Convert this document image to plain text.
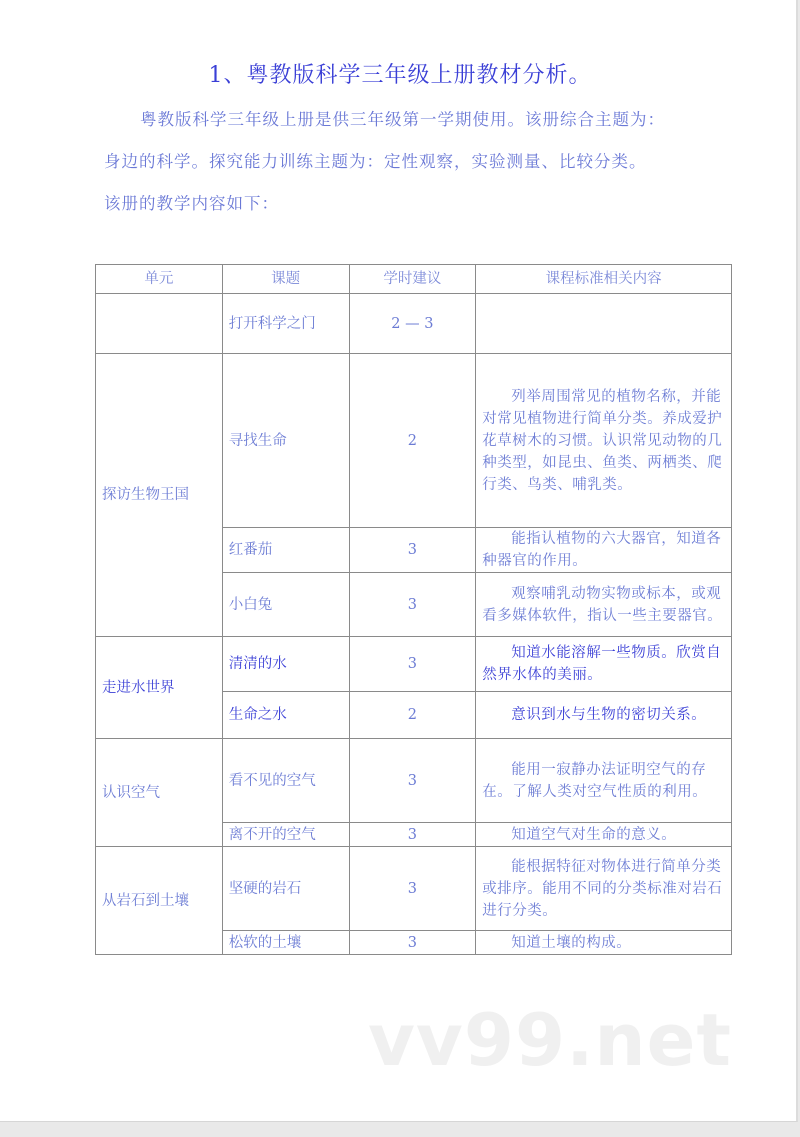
1、粤教版科学三年级上册教材分析。
粤教版科学三年级上册是供三年级第一学期使用。该册综合主题为：
身边的科学。探究能力训练主题为：定性观察，实验测量、比较分类。
该册的教学内容如下：
单元	课题	学时建议	课程标准相关内容
	打开科学之门	2 — 3	
探访生物王国	寻找生命	2	列举周围常见的植物名称，并能对常见植物进行简单分类。养成爱护花草树木的习惯。认识常见动物的几种类型，如昆虫、鱼类、两栖类、爬行类、鸟类、哺乳类。
	红番茄	3	能指认植物的六大器官，知道各种器官的作用。
	小白兔	3	观察哺乳动物实物或标本，或观看多媒体软件，指认一些主要器官。
走进水世界	清清的水	3	知道水能溶解一些物质。欣赏自然界水体的美丽。
	生命之水	2	意识到水与生物的密切关系。
认识空气	看不见的空气	3	能用一寂静办法证明空气的存在。了解人类对空气性质的利用。
	离不开的空气	3	知道空气对生命的意义。
从岩石到土壤	坚硬的岩石	3	能根据特征对物体进行简单分类或排序。能用不同的分类标准对岩石进行分类。
	松软的土壤	3	知道土壤的构成。
vv99.net
